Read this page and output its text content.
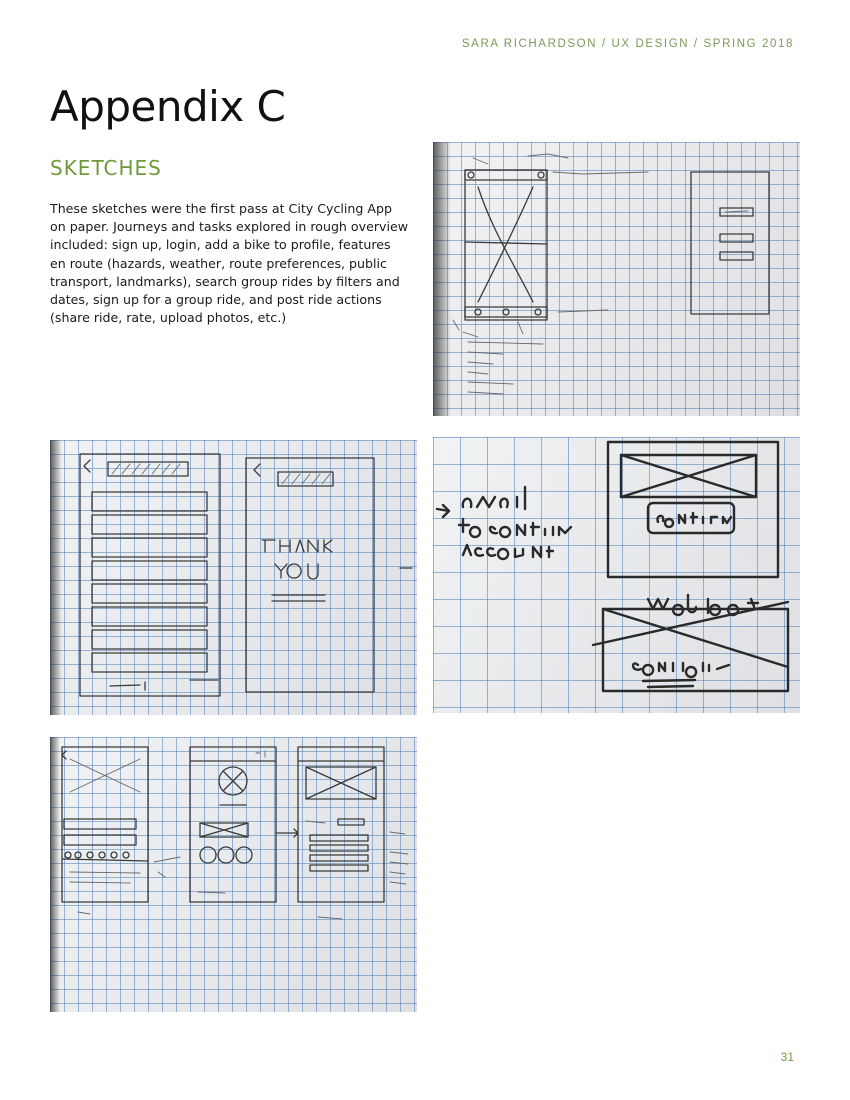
SARA RICHARDSON / UX DESIGN / SPRING 2018
Appendix C
SKETCHES

These sketches were the first pass at City Cycling App on paper. Journeys and tasks explored in rough overview included: sign up, login, add a bike to profile, features en route (hazards, weather, route preferences, public transport, landmarks), search group rides by filters and dates, sign up for a group ride, and post ride actions (share ride, rate, upload photos, etc.)

31
